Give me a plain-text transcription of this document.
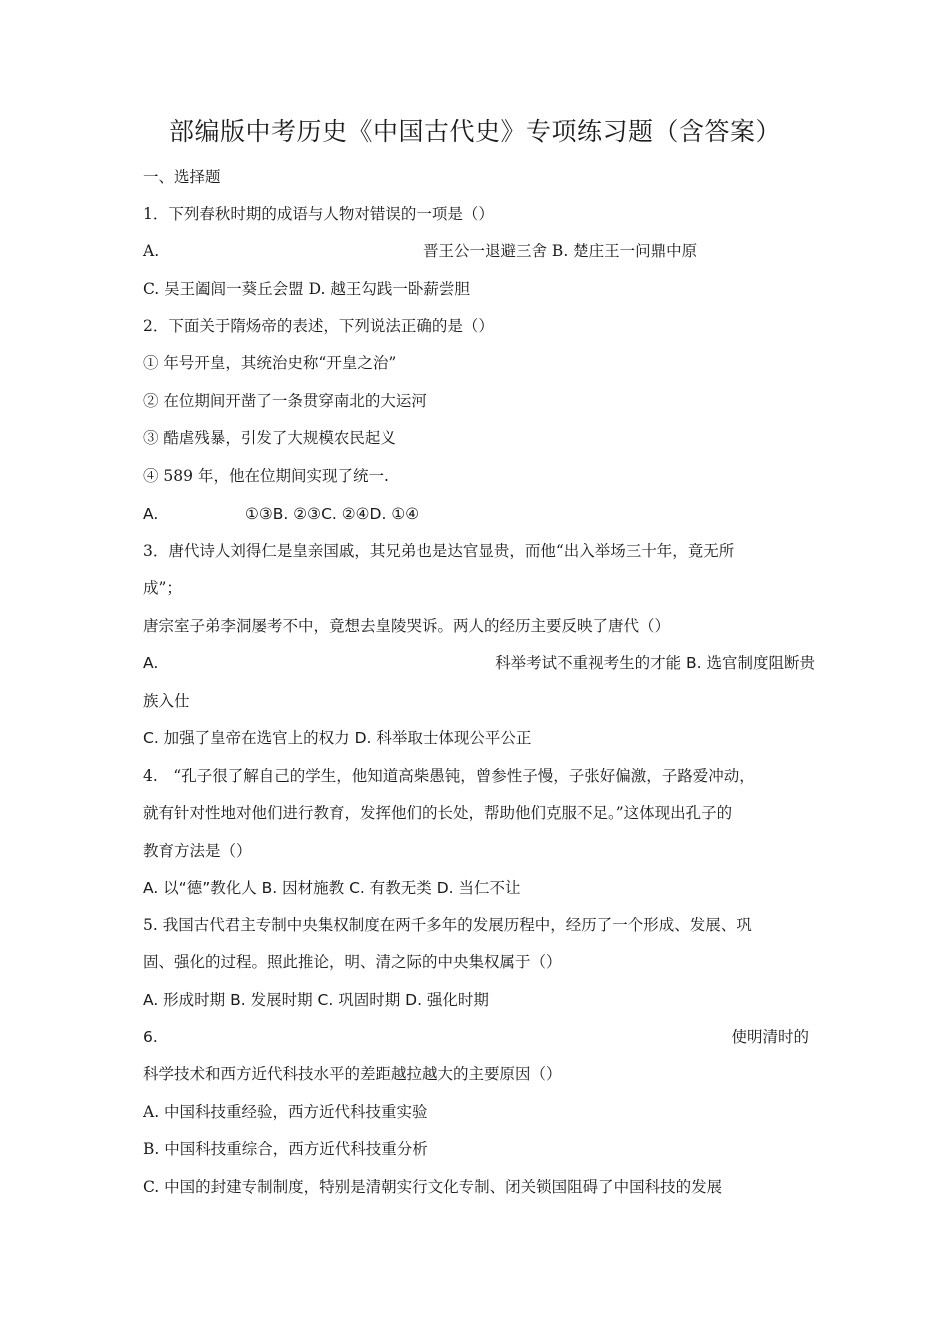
部编版中考历史《中国古代史》专项练习题（含答案）
一、选择题
1．下列春秋时期的成语与人物对错误的一项是（）
A.	晋王公一退避三舍 B. 楚庄王一问鼎中原
C. 吴王阖闾一葵丘会盟 D. 越王勾践一卧薪尝胆
2．下面关于隋炀帝的表述，下列说法正确的是（）
① 年号开皇，其统治史称“开皇之治”
② 在位期间开凿了一条贯穿南北的大运河
③ 酷虐残暴，引发了大规模农民起义
④ 589 年，他在位期间实现了统一.
A.	①③B. ②③C. ②④D. ①④
3．唐代诗人刘得仁是皇亲国戚，其兄弟也是达官显贵，而他“出入举场三十年，竟无所
成”；
唐宗室子弟李洞屡考不中，竟想去皇陵哭诉。两人的经历主要反映了唐代（）
A.	科举考试不重视考生的才能 B. 选官制度阻断贵
族入仕
C. 加强了皇帝在选官上的权力 D. 科举取士体现公平公正
4.　“孔子很了解自己的学生，他知道高柴愚钝，曾参性子慢，子张好偏激，子路爱冲动，
就有针对性地对他们进行教育，发挥他们的长处，帮助他们克服不足。”这体现出孔子的
教育方法是（）
A. 以“德”教化人 B. 因材施教 C. 有教无类 D. 当仁不让
5. 我国古代君主专制中央集权制度在两千多年的发展历程中，经历了一个形成、发展、巩
固、强化的过程。照此推论，明、清之际的中央集权属于（）
A. 形成时期 B. 发展时期 C. 巩固时期 D. 强化时期
6.	使明清时的
科学技术和西方近代科技水平的差距越拉越大的主要原因（）
A. 中国科技重经验，西方近代科技重实验
B. 中国科技重综合，西方近代科技重分析
C. 中国的封建专制制度，特别是清朝实行文化专制、闭关锁国阻碍了中国科技的发展
